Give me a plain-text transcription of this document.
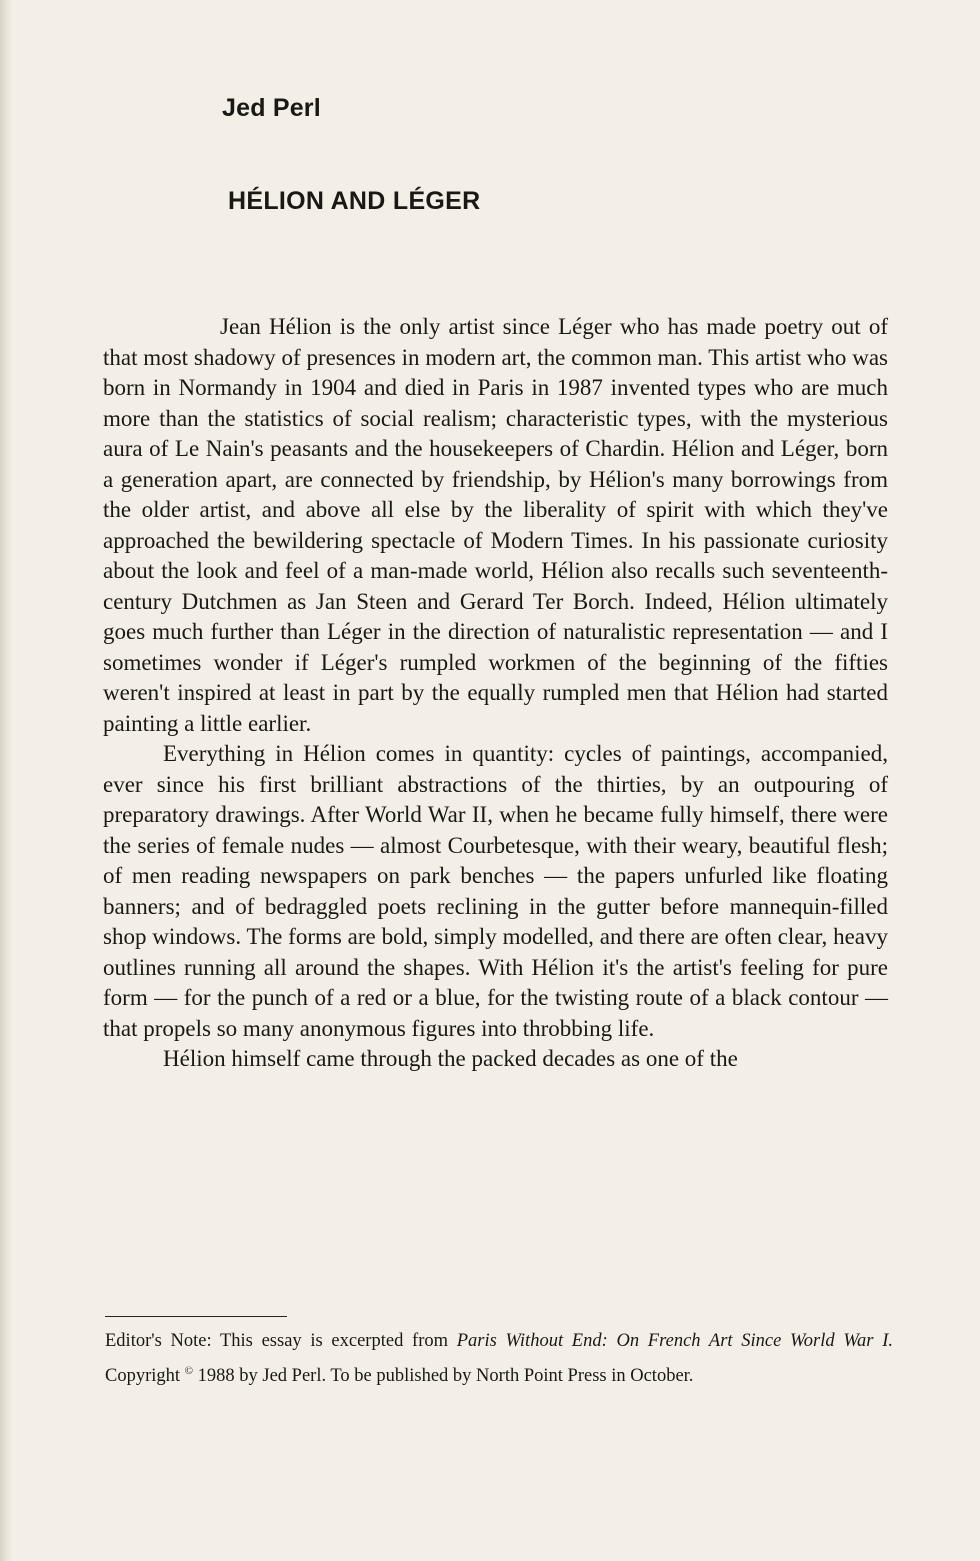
Jed Perl
HÉLION AND LÉGER

Jean Hélion is the only artist since Léger who has made poetry out of that most shadowy of presences in modern art, the common man. This artist who was born in Normandy in 1904 and died in Paris in 1987 invented types who are much more than the statistics of social realism; characteristic types, with the mysterious aura of Le Nain's peasants and the housekeepers of Chardin. Hélion and Léger, born a generation apart, are connected by friendship, by Hélion's many borrowings from the older artist, and above all else by the liberality of spirit with which they've approached the bewildering spectacle of Modern Times. In his passionate curiosity about the look and feel of a man-made world, Hélion also recalls such seventeenth-century Dutchmen as Jan Steen and Gerard Ter Borch. Indeed, Hélion ultimately goes much further than Léger in the direction of naturalistic representation — and I sometimes wonder if Léger's rumpled workmen of the beginning of the fifties weren't inspired at least in part by the equally rumpled men that Hélion had started painting a little earlier.

Everything in Hélion comes in quantity: cycles of paintings, accompanied, ever since his first brilliant abstractions of the thirties, by an outpouring of preparatory drawings. After World War II, when he became fully himself, there were the series of female nudes — almost Courbetesque, with their weary, beautiful flesh; of men reading newspapers on park benches — the papers unfurled like floating banners; and of bedraggled poets reclining in the gutter before mannequin-filled shop windows. The forms are bold, simply modelled, and there are often clear, heavy outlines running all around the shapes. With Hélion it's the artist's feeling for pure form — for the punch of a red or a blue, for the twisting route of a black contour — that propels so many anonymous figures into throbbing life.

Hélion himself came through the packed decades as one of the

Editor's Note: This essay is excerpted from Paris Without End: On French Art Since World War I. Copyright © 1988 by Jed Perl. To be published by North Point Press in October.
